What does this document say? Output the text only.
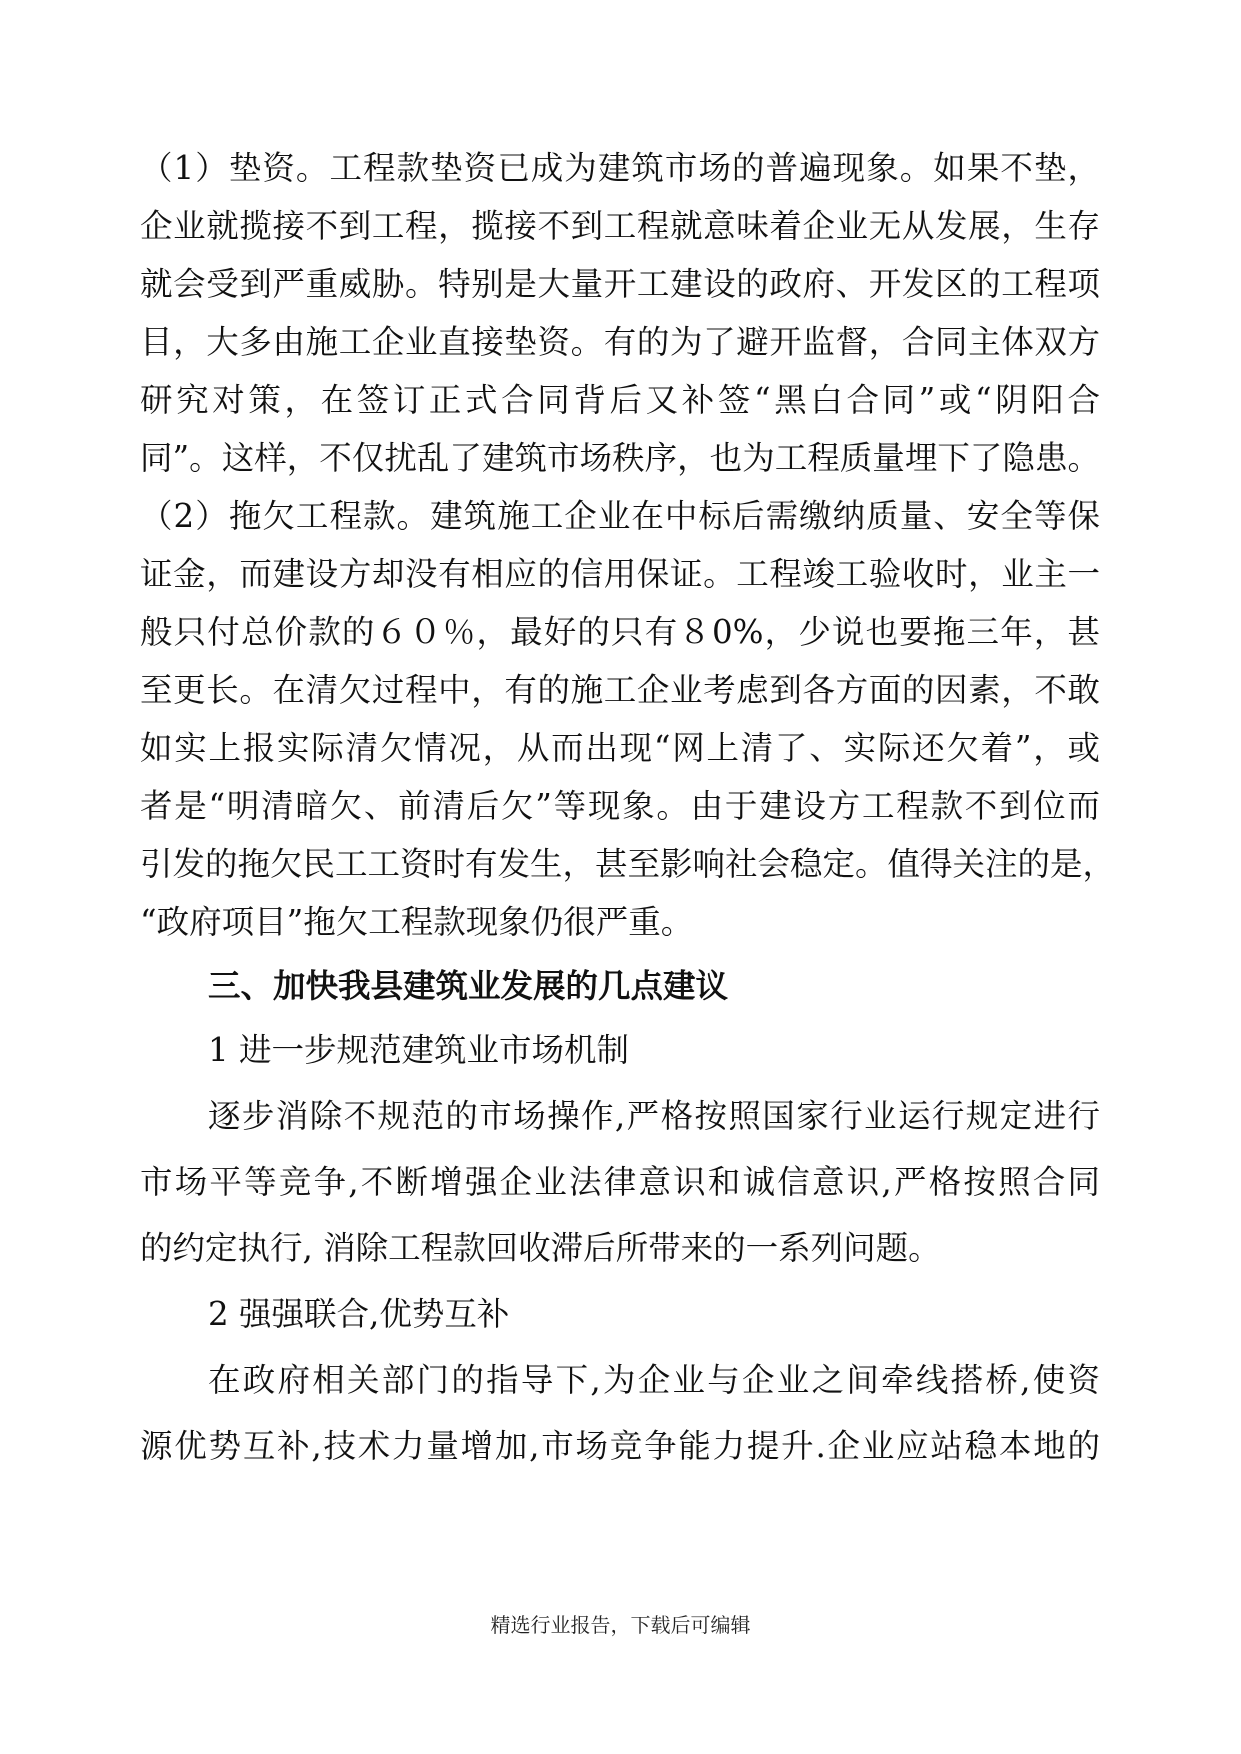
（1）垫资。工程款垫资已成为建筑市场的普遍现象。如果不垫，
企业就揽接不到工程，揽接不到工程就意味着企业无从发展，生存
就会受到严重威胁。特别是大量开工建设的政府、开发区的工程项
目，大多由施工企业直接垫资。有的为了避开监督，合同主体双方
研究对策，在签订正式合同背后又补签“黑白合同”或“阴阳合
同”。这样，不仅扰乱了建筑市场秩序，也为工程质量埋下了隐患。
（2）拖欠工程款。建筑施工企业在中标后需缴纳质量、安全等保
证金，而建设方却没有相应的信用保证。工程竣工验收时，业主一
般只付总价款的６０％，最好的只有８0%，少说也要拖三年，甚
至更长。在清欠过程中，有的施工企业考虑到各方面的因素，不敢
如实上报实际清欠情况，从而出现“网上清了、实际还欠着”，或
者是“明清暗欠、前清后欠”等现象。由于建设方工程款不到位而
引发的拖欠民工工资时有发生，甚至影响社会稳定。值得关注的是，
“政府项目”拖欠工程款现象仍很严重。
三、加快我县建筑业发展的几点建议
1 进一步规范建筑业市场机制
逐步消除不规范的市场操作,严格按照国家行业运行规定进行
市场平等竞争,不断增强企业法律意识和诚信意识,严格按照合同
的约定执行, 消除工程款回收滞后所带来的一系列问题。
2 强强联合,优势互补
在政府相关部门的指导下,为企业与企业之间牵线搭桥,使资
源优势互补,技术力量增加,市场竞争能力提升.企业应站稳本地的
精选行业报告，下载后可编辑
